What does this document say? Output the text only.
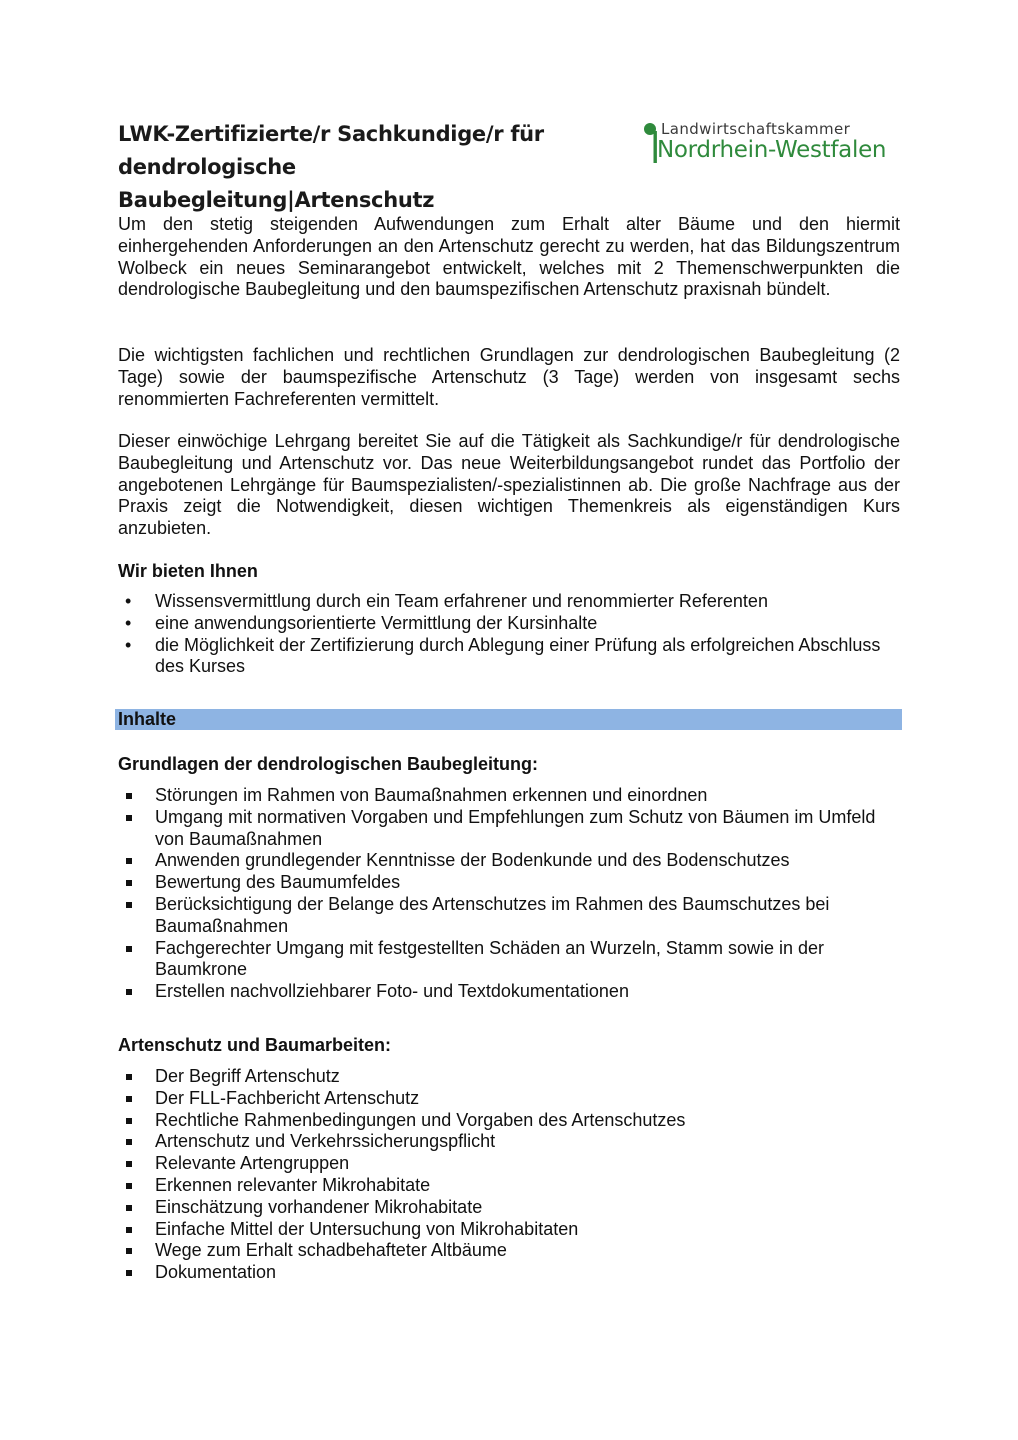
LWK-Zertifizierte/r Sachkundige/r für
dendrologische Baubegleitung|Artenschutz
Landwirtschaftskammer
Nordrhein-Westfalen

Um den stetig steigenden Aufwendungen zum Erhalt alter Bäume und den hiermit einhergehenden Anforderungen an den Artenschutz gerecht zu werden, hat das Bildungszentrum Wolbeck ein neues Seminarangebot entwickelt, welches mit 2 Themenschwerpunkten die dendrologische Baubegleitung und den baumspezifischen Artenschutz praxisnah bündelt.

Die wichtigsten fachlichen und rechtlichen Grundlagen zur dendrologischen Baubegleitung (2 Tage) sowie der baumspezifische Artenschutz (3 Tage) werden von insgesamt sechs renommierten Fachreferenten vermittelt.

Dieser einwöchige Lehrgang bereitet Sie auf die Tätigkeit als Sachkundige/r für dendrologische Baubegleitung und Artenschutz vor. Das neue Weiterbildungsangebot rundet das Portfolio der angebotenen Lehrgänge für Baumspezialisten/-spezialistinnen ab. Die große Nachfrage aus der Praxis zeigt die Notwendigkeit, diesen wichtigen Themenkreis als eigenständigen Kurs anzubieten.

Wir bieten Ihnen
• Wissensvermittlung durch ein Team erfahrener und renommierter Referenten
• eine anwendungsorientierte Vermittlung der Kursinhalte
• die Möglichkeit der Zertifizierung durch Ablegung einer Prüfung als erfolgreichen Abschluss des Kurses
Inhalte
Grundlagen der dendrologischen Baubegleitung:
Störungen im Rahmen von Baumaßnahmen erkennen und einordnen
Umgang mit normativen Vorgaben und Empfehlungen zum Schutz von Bäumen im Umfeld von Baumaßnahmen
Anwenden grundlegender Kenntnisse der Bodenkunde und des Bodenschutzes
Bewertung des Baumumfeldes
Berücksichtigung der Belange des Artenschutzes im Rahmen des Baumschutzes bei Baumaßnahmen
Fachgerechter Umgang mit festgestellten Schäden an Wurzeln, Stamm sowie in der Baumkrone
Erstellen nachvollziehbarer Foto- und Textdokumentationen
Artenschutz und Baumarbeiten:
Der Begriff Artenschutz
Der FLL-Fachbericht Artenschutz
Rechtliche Rahmenbedingungen und Vorgaben des Artenschutzes
Artenschutz und Verkehrssicherungspflicht
Relevante Artengruppen
Erkennen relevanter Mikrohabitate
Einschätzung vorhandener Mikrohabitate
Einfache Mittel der Untersuchung von Mikrohabitaten
Wege zum Erhalt schadbehafteter Altbäume
Dokumentation
